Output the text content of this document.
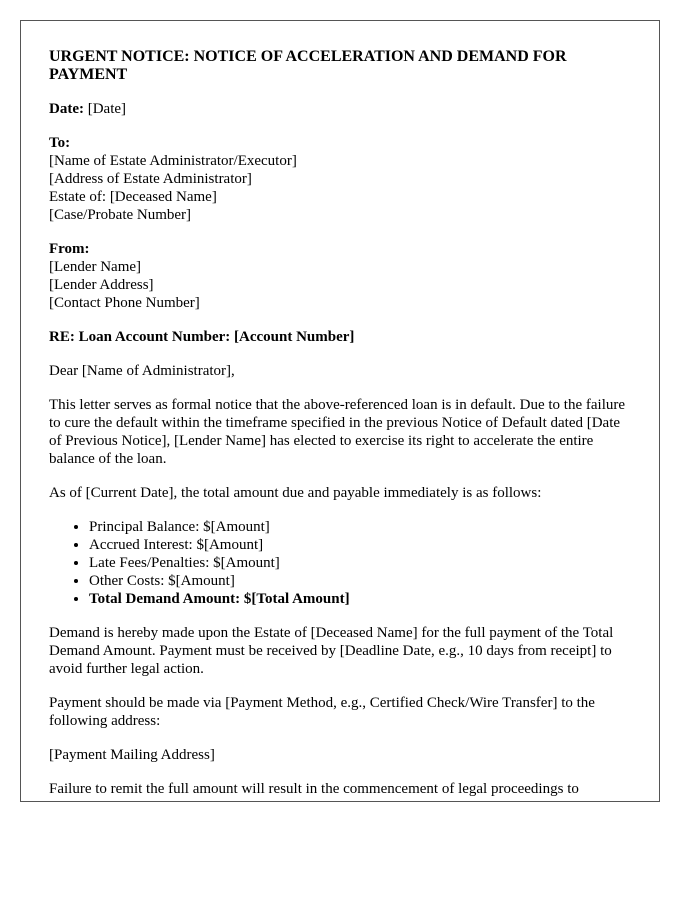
URGENT NOTICE: NOTICE OF ACCELERATION AND DEMAND FOR PAYMENT
Date: [Date]
To:
[Name of Estate Administrator/Executor]
[Address of Estate Administrator]
Estate of: [Deceased Name]
[Case/Probate Number]
From:
[Lender Name]
[Lender Address]
[Contact Phone Number]
RE: Loan Account Number: [Account Number]
Dear [Name of Administrator],
This letter serves as formal notice that the above-referenced loan is in default. Due to the failure to cure the default within the timeframe specified in the previous Notice of Default dated [Date of Previous Notice], [Lender Name] has elected to exercise its right to accelerate the entire balance of the loan.
As of [Current Date], the total amount due and payable immediately is as follows:
• Principal Balance: $[Amount]
• Accrued Interest: $[Amount]
• Late Fees/Penalties: $[Amount]
• Other Costs: $[Amount]
• Total Demand Amount: $[Total Amount]
Demand is hereby made upon the Estate of [Deceased Name] for the full payment of the Total Demand Amount. Payment must be received by [Deadline Date, e.g., 10 days from receipt] to avoid further legal action.
Payment should be made via [Payment Method, e.g., Certified Check/Wire Transfer] to the following address:
[Payment Mailing Address]
Failure to remit the full amount will result in the commencement of legal proceedings to
